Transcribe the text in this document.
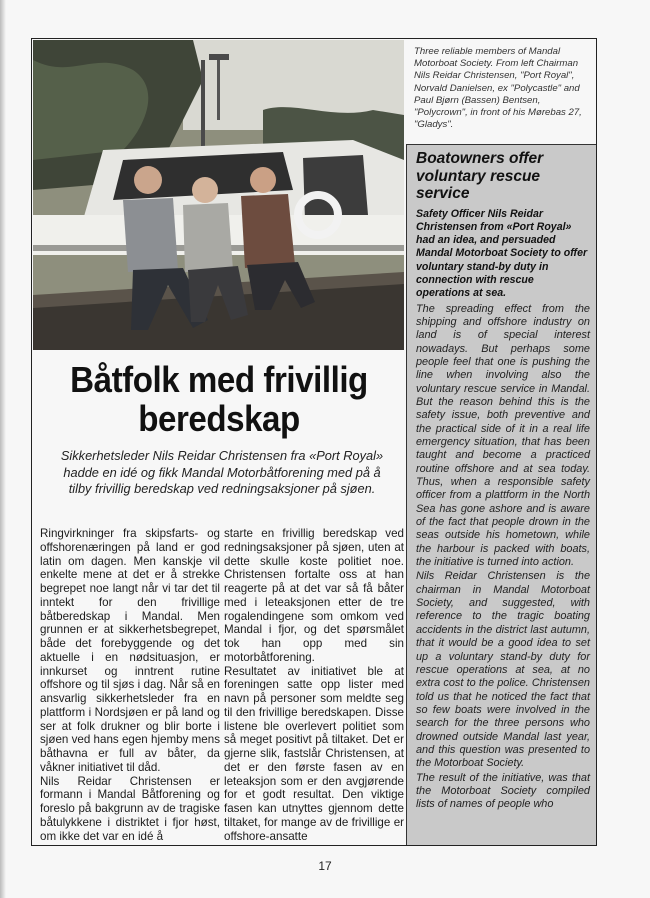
Three reliable members of Mandal Motorboat Society. From left Chairman Nils Reidar Christensen, "Port Royal", Norvald Danielsen, ex "Polycastle" and Paul Bjørn (Bassen) Bentsen, "Polycrown", in front of his Mørebas 27, "Gladys".
Boatowners offer voluntary rescue service
Safety Officer Nils Reidar Christensen from «Port Royal» had an idea, and persuaded Mandal Motorboat Society to offer voluntary stand-by duty in connection with rescue operations at sea.

The spreading effect from the shipping and offshore industry on land is of special interest nowadays. But perhaps some people feel that one is pushing the line when involving also the voluntary rescue service in Mandal. But the reason behind this is the safety issue, both preventive and the practical side of it in a real life emergency situation, that has been taught and become a practiced routine offshore and at sea today. Thus, when a responsible safety officer from a plattform in the North Sea has gone ashore and is aware of the fact that people drown in the seas outside his hometown, while the harbour is packed with boats, the initiative is turned into action.

Nils Reidar Christensen is the chairman in Mandal Motorboat Society, and suggested, with reference to the tragic boating accidents in the district last autumn, that it would be a good idea to set up a voluntary stand-by duty for rescue operations at sea, at no extra cost to the police. Christensen told us that he noticed the fact that so few boats were involved in the search for the three persons who drowned outside Mandal last year, and this question was presented to the Motorboat Society.

The result of the initiative, was that the Motorboat Society compiled lists of names of people who

Båtfolk med frivillig beredskap
Sikkerhetsleder Nils Reidar Christensen fra «Port Royal» hadde en idé og fikk Mandal Motorbåtforening med på å tilby frivillig beredskap ved redningsaksjoner på sjøen.

Ringvirkninger fra skipsfarts- og offshorenæringen på land er god latin om dagen. Men kanskje vil enkelte mene at det er å strekke begrepet noe langt når vi tar det til inntekt for den frivillige båtberedskap i Mandal. Men grunnen er at sikkerhetsbegrepet, både det forebyggende og det aktuelle i en nødsituasjon, er innkurset og inntrent rutine offshore og til sjøs i dag. Når så en ansvarlig sikkerhetsleder fra en plattform i Nordsjøen er på land og ser at folk drukner og blir borte i sjøen ved hans egen hjemby mens båthavna er full av båter, da våkner initiativet til dåd.

Nils Reidar Christensen er formann i Mandal Båtforening og foreslo på bakgrunn av de tragiske båtulykkene i distriktet i fjor høst, om ikke det var en idé å

starte en frivillig beredskap ved redningsaksjoner på sjøen, uten at dette skulle koste politiet noe. Christensen fortalte oss at han reagerte på at det var så få båter med i leteaksjonen etter de tre rogalendingene som omkom ved Mandal i fjor, og det spørsmålet tok han opp med sin motorbåtforening.

Resultatet av initiativet ble at foreningen satte opp lister med navn på personer som meldte seg til den frivillige beredskapen. Disse listene ble overlevert politiet som så meget positivt på tiltaket. Det er gjerne slik, fastslår Christensen, at det er den første fasen av en leteaksjon som er den avgjørende for et godt resultat. Den viktige fasen kan utnyttes gjennom dette tiltaket, for mange av de frivillige er offshore-ansatte

17
